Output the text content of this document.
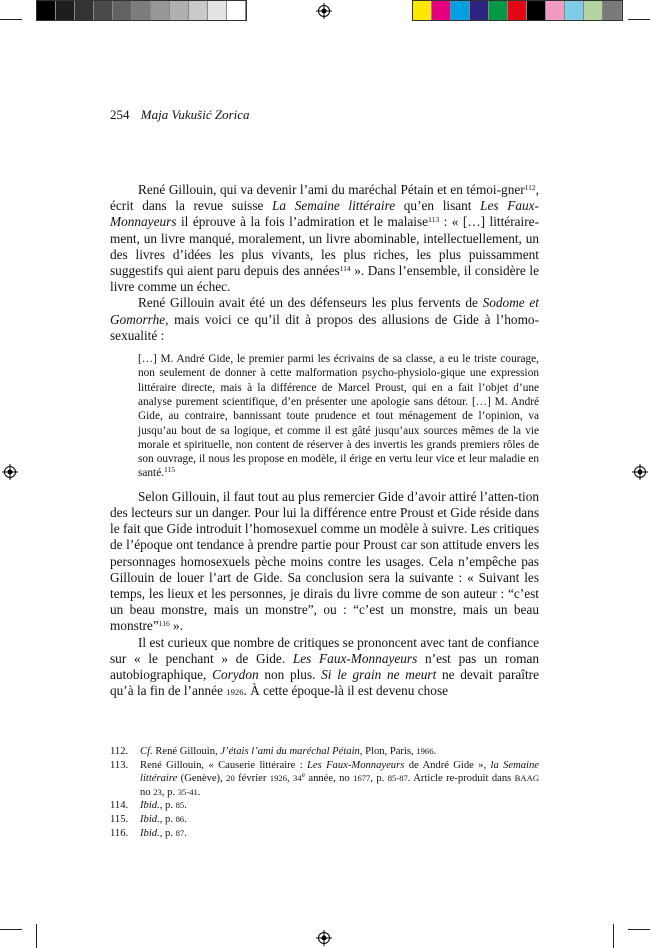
254 Maja Vukušić Zorica

René Gillouin, qui va devenir l’ami du maréchal Pétain et en témoi-gner$^{112}$, écrit dans la revue suisse La Semaine littéraire qu’en lisant Les Faux-Monnayeurs il éprouve à la fois l’admiration et le malaise$^{113}$ : « […] littéraire-ment, un livre manqué, moralement, un livre abominable, intellectuellement, un des livres d’idées les plus vivants, les plus riches, les plus puissamment suggestifs qui aient paru depuis des années$^{114}$ ». Dans l’ensemble, il considère le livre comme un échec.

René Gillouin avait été un des défenseurs les plus fervents de Sodome et Gomorrhe, mais voici ce qu’il dit à propos des allusions de Gide à l’homo-sexualité :

[…] M. André Gide, le premier parmi les écrivains de sa classe, a eu le triste courage, non seulement de donner à cette malformation psycho-physiolo-gique une expression littéraire directe, mais à la différence de Marcel Proust, qui en a fait l’objet d’une analyse purement scientifique, d’en présenter une apologie sans détour. […] M. André Gide, au contraire, bannissant toute prudence et tout ménagement de l’opinion, va jusqu’au bout de sa logique, et comme il est gâté jusqu’aux sources mêmes de la vie morale et spirituelle, non content de réserver à des invertis les grands premiers rôles de son ouvrage, il nous les propose en modèle, il érige en vertu leur vice et leur maladie en santé.$^{115}$

Selon Gillouin, il faut tout au plus remercier Gide d’avoir attiré l’atten-tion des lecteurs sur un danger. Pour lui la différence entre Proust et Gide réside dans le fait que Gide introduit l’homosexuel comme un modèle à suivre. Les critiques de l’époque ont tendance à prendre partie pour Proust car son attitude envers les personnages homosexuels pèche moins contre les usages. Cela n’empêche pas Gillouin de louer l’art de Gide. Sa conclusion sera la suivante : « Suivant les temps, les lieux et les personnes, je dirais du livre comme de son auteur : “c’est un beau monstre, mais un monstre”, ou : “c’est un monstre, mais un beau monstre”$^{116}$ ».

Il est curieux que nombre de critiques se prononcent avec tant de confiance sur « le penchant » de Gide. Les Faux-Monnayeurs n’est pas un roman autobiographique, Corydon non plus. Si le grain ne meurt ne devait paraître qu’à la fin de l’année 1926. À cette époque-là il est devenu chose

112.	Cf. René Gillouin, J’étais l’ami du maréchal Pétain, Plon, Paris, 1966.
113.	René Gillouin, « Causerie littéraire : Les Faux-Monnayeurs de André Gide », la Semaine littéraire (Genève), 20 février 1926, 34e année, no 1677, p. 85-87. Article re-produit dans BAAG no 23, p. 35-41.
114.	Ibid., p. 85.
115.	Ibid., p. 86.
116.	Ibid., p. 87.
